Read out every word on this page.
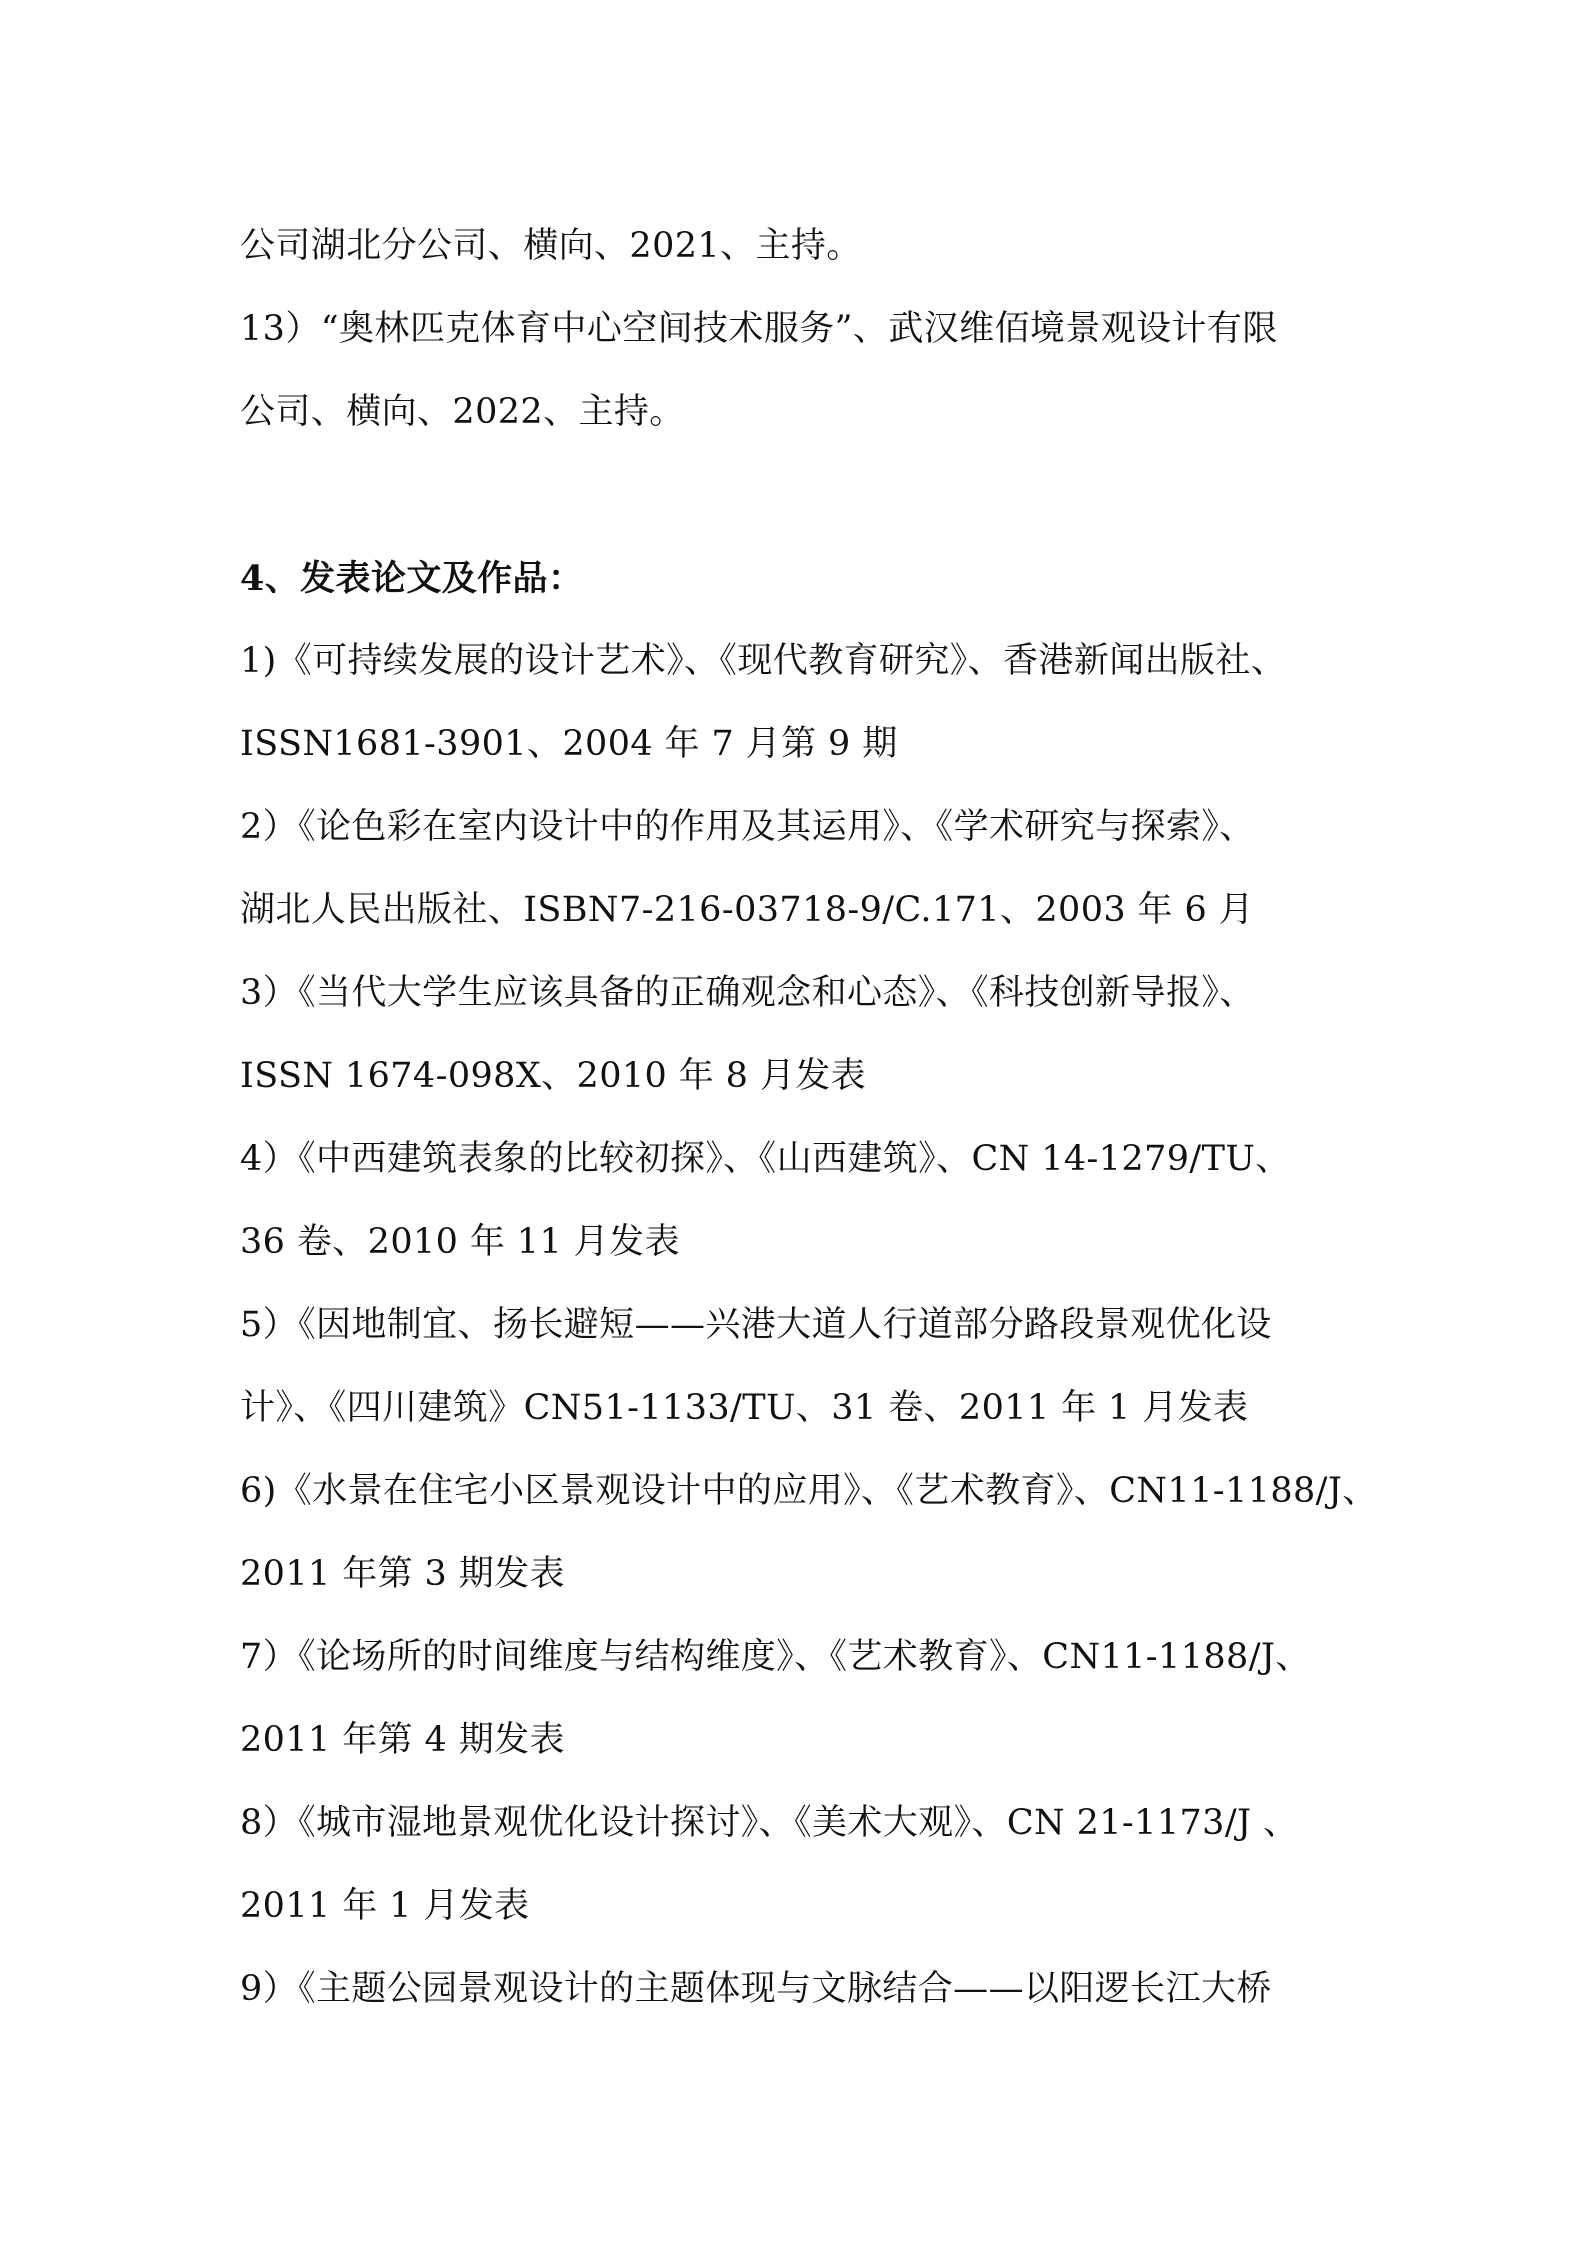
公司湖北分公司、横向、2021、主持。
13）“奥林匹克体育中心空间技术服务”、武汉维佰境景观设计有限
公司、横向、2022、主持。
4、发表论文及作品：
1)《可持续发展的设计艺术》、《现代教育研究》、香港新闻出版社、
ISSN1681-3901、2004 年 7 月第 9 期
2）《论色彩在室内设计中的作用及其运用》、《学术研究与探索》、
湖北人民出版社、ISBN7-216-03718-9/C.171、2003 年 6 月
3）《当代大学生应该具备的正确观念和心态》、《科技创新导报》、
ISSN 1674-098X、2010 年 8 月发表
4）《中西建筑表象的比较初探》、《山西建筑》、CN 14-1279/TU、
36 卷、2010 年 11 月发表
5）《因地制宜、扬长避短——兴港大道人行道部分路段景观优化设
计》、《四川建筑》CN51-1133/TU、31 卷、2011 年 1 月发表
6)《水景在住宅小区景观设计中的应用》、《艺术教育》、CN11-1188/J、
2011 年第 3 期发表
7）《论场所的时间维度与结构维度》、《艺术教育》、CN11-1188/J、
2011 年第 4 期发表
8）《城市湿地景观优化设计探讨》、《美术大观》、CN 21-1173/J 、
2011 年 1 月发表
9）《主题公园景观设计的主题体现与文脉结合——以阳逻长江大桥
